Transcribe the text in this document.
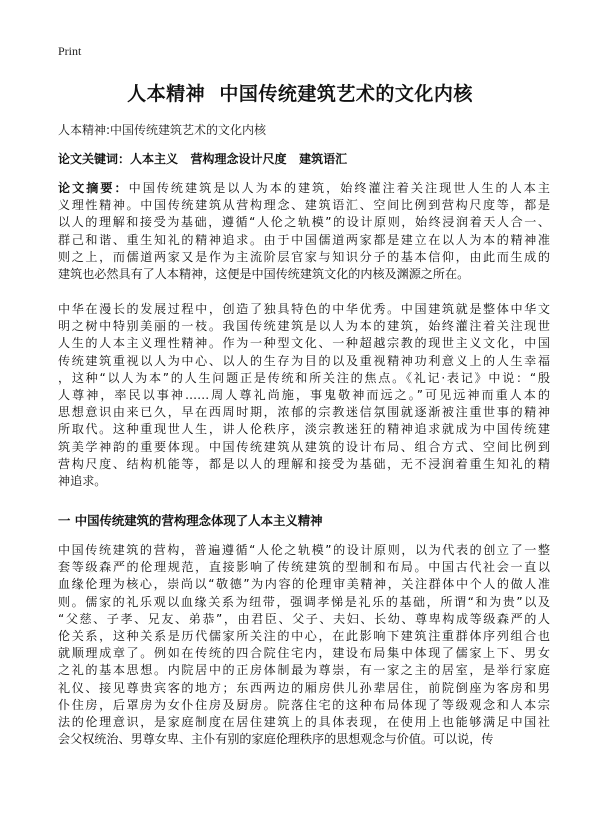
Print
人本精神  中国传统建筑艺术的文化内核
人本精神:中国传统建筑艺术的文化内核
论文关键词：人本主义   营构理念设计尺度   建筑语汇
论文摘要：中国传统建筑是以人为本的建筑，始终灌注着关注现世人生的人本主
义理性精神。中国传统建筑从营构理念、建筑语汇、空间比例到营构尺度等，都是
以人的理解和接受为基础，遵循“人伦之轨模”的设计原则，始终浸润着天人合一、
群己和谐、重生知礼的精神追求。由于中国儒道两家都是建立在以人为本的精神准
则之上，而儒道两家又是作为主流阶层官家与知识分子的基本信仰，由此而生成的
建筑也必然具有了人本精神，这便是中国传统建筑文化的内核及渊源之所在。
中华在漫长的发展过程中，创造了独具特色的中华优秀。中国建筑就是整体中华文
明之树中特别美丽的一枝。我国传统建筑是以人为本的建筑，始终灌注着关注现世
人生的人本主义理性精神。作为一种型文化、一种超越宗教的现世主义文化，中国
传统建筑重视以人为中心、以人的生存为目的以及重视精神功利意义上的人生幸福
，这种“以人为本”的人生问题正是传统和所关注的焦点。《礼记·表记》中说：“殷
人尊神，率民以事神……周人尊礼尚施，事鬼敬神而远之。”可见远神而重人本的
思想意识由来已久，早在西周时期，浓郁的宗教迷信氛围就逐渐被注重世事的精神
所取代。这种重现世人生，讲人伦秩序，淡宗教迷狂的精神追求就成为中国传统建
筑美学神韵的重要体现。中国传统建筑从建筑的设计布局、组合方式、空间比例到
营构尺度、结构机能等，都是以人的理解和接受为基础，无不浸润着重生知礼的精
神追求。
一 中国传统建筑的营构理念体现了人本主义精神
中国传统建筑的营构，普遍遵循“人伦之轨模”的设计原则，以为代表的创立了一整
套等级森严的伦理规范，直接影响了传统建筑的型制和布局。中国古代社会一直以
血缘伦理为核心，崇尚以“敬德”为内容的伦理审美精神，关注群体中个人的做人准
则。儒家的礼乐观以血缘关系为纽带，强调孝悌是礼乐的基础，所谓“和为贵”以及
“父慈、子孝、兄友、弟恭”，由君臣、父子、夫妇、长幼、尊卑构成等级森严的人
伦关系，这种关系是历代儒家所关注的中心，在此影响下建筑注重群体序列组合也
就顺理成章了。例如在传统的四合院住宅内，建设布局集中体现了儒家上下、男女
之礼的基本思想。内院居中的正房体制最为尊崇，有一家之主的居室，是举行家庭
礼仪、接见尊贵宾客的地方；东西两边的厢房供儿孙辈居住，前院倒座为客房和男
仆住房，后罩房为女仆住房及厨房。院落住宅的这种布局体现了等级观念和人本宗
法的伦理意识，是家庭制度在居住建筑上的具体表现，在使用上也能够满足中国社
会父权统治、男尊女卑、主仆有别的家庭伦理秩序的思想观念与价值。可以说，传
